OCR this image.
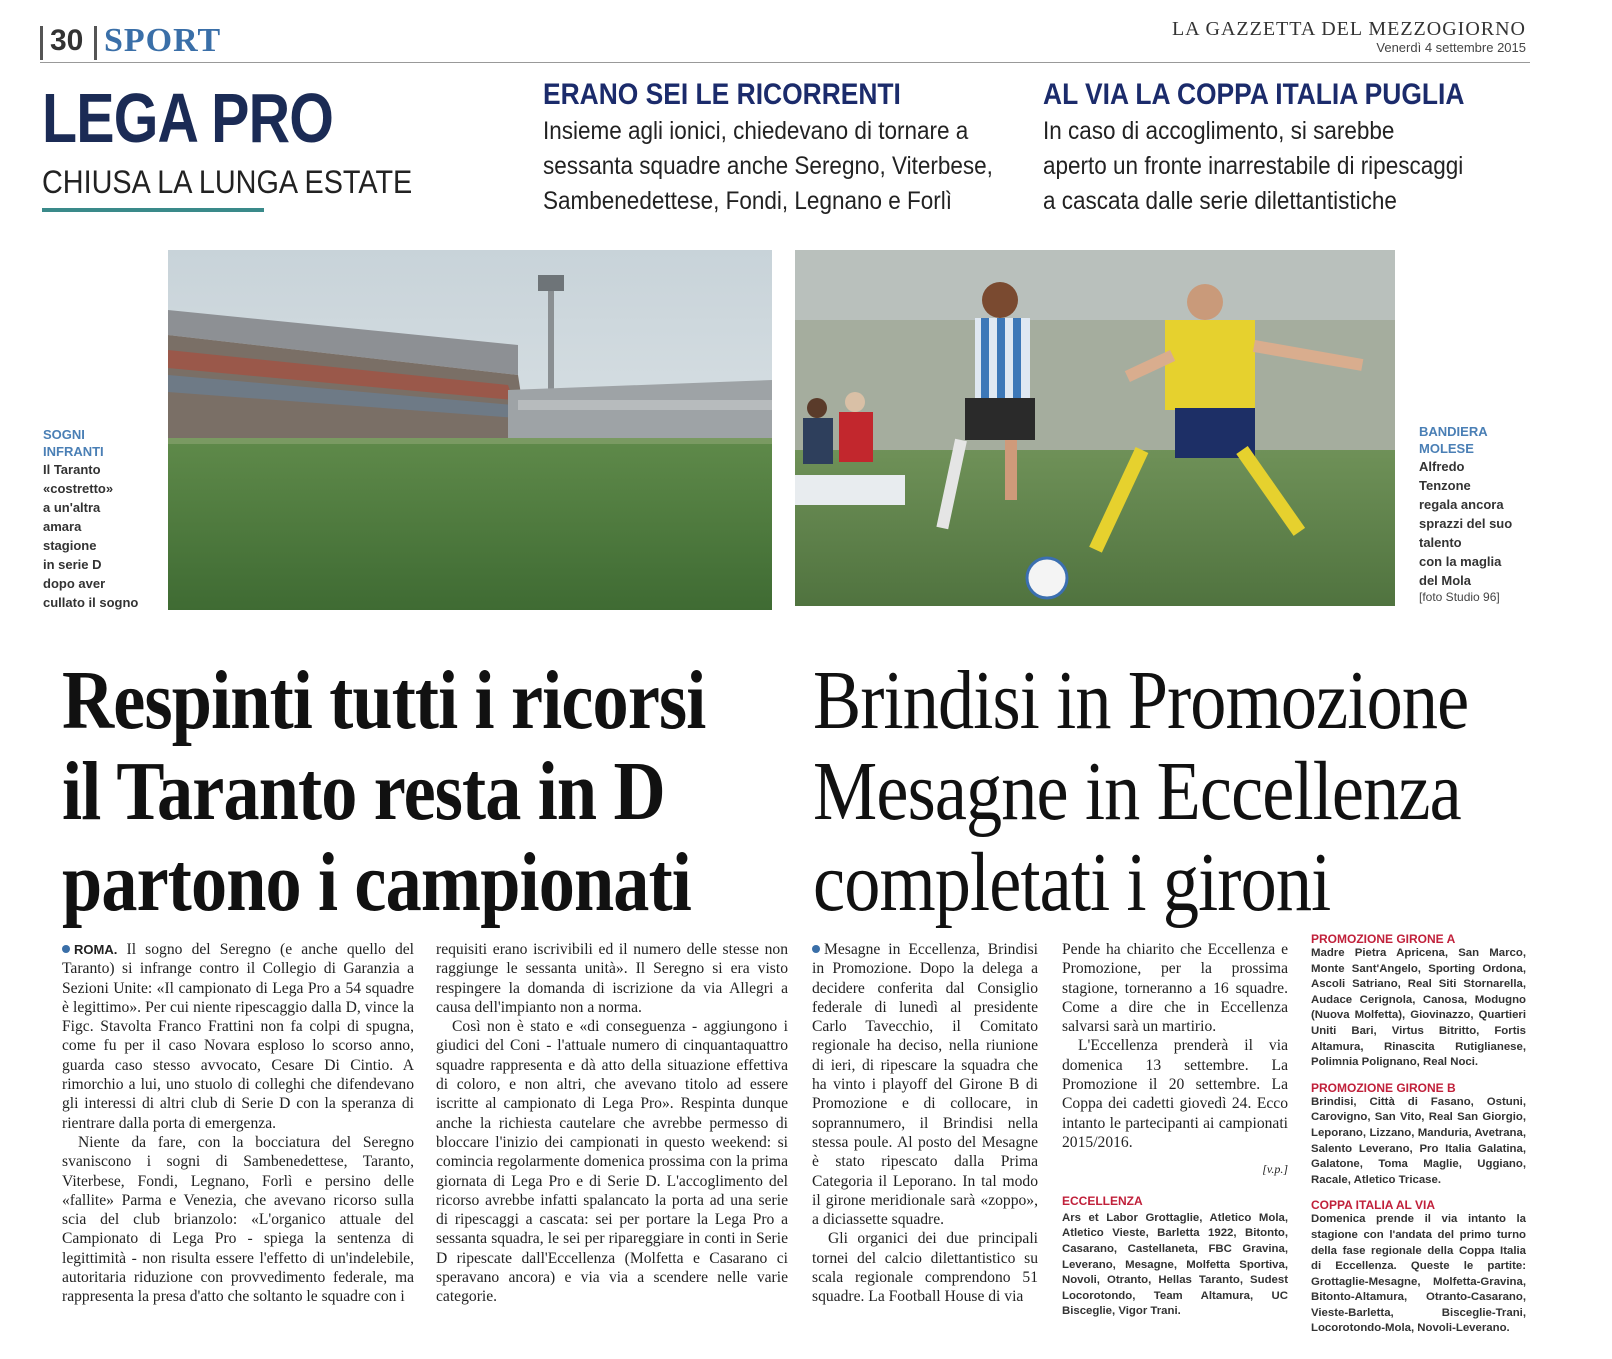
30 SPORT	LA GAZZETTA DEL MEZZOGIORNO
Venerdì 4 settembre 2015
LEGA PRO
CHIUSA LA LUNGA ESTATE
ERANO SEI LE RICORRENTI
Insieme agli ionici, chiedevano di tornare a
sessanta squadre anche Seregno, Viterbese,
Sambenedettese, Fondi, Legnano e Forlì
AL VIA LA COPPA ITALIA PUGLIA
In caso di accoglimento, si sarebbe
aperto un fronte inarrestabile di ripescaggi
a cascata dalle serie dilettantistiche
SOGNI
INFRANTI
Il Taranto
«costretto»
a un'altra
amara
stagione
in serie D
dopo aver
cullato il sogno
BANDIERA
MOLESE
Alfredo
Tenzone
regala ancora
sprazzi del suo
talento
con la maglia
del Mola
[foto Studio 96]
Respinti tutti i ricorsi
il Taranto resta in D
partono i campionati
Brindisi in Promozione
Mesagne in Eccellenza
completati i gironi

ROMA. Il sogno del Seregno (e anche quello del Taranto) si infrange contro il Collegio di Garanzia a Sezioni Unite: «Il campionato di Lega Pro a 54 squadre è legittimo». Per cui niente ripescaggio dalla D, vince la Figc. Stavolta Franco Frattini non fa colpi di spugna, come fu per il caso Novara esploso lo scorso anno, guarda caso stesso avvocato, Cesare Di Cintio. A rimorchio a lui, uno stuolo di colleghi che difendevano gli interessi di altri club di Serie D con la speranza di rientrare dalla porta di emergenza.

Niente da fare, con la bocciatura del Seregno svaniscono i sogni di Sambenedettese, Taranto, Viterbese, Fondi, Legnano, Forlì e persino delle «fallite» Parma e Venezia, che avevano ricorso sulla scia del club brianzolo: «L'organico attuale del Campionato di Lega Pro - spiega la sentenza di legittimità - non risulta essere l'effetto di un'indelebile, autoritaria riduzione con provvedimento federale, ma rappresenta la presa d'atto che soltanto le squadre con i

requisiti erano iscrivibili ed il numero delle stesse non raggiunge le sessanta unità». Il Seregno si era visto respingere la domanda di iscrizione da via Allegri a causa dell'impianto non a norma.

Così non è stato e «di conseguenza - aggiungono i giudici del Coni - l'attuale numero di cinquantaquattro squadre rappresenta e dà atto della situazione effettiva di coloro, e non altri, che avevano titolo ad essere iscritte al campionato di Lega Pro». Respinta dunque anche la richiesta cautelare che avrebbe permesso di bloccare l'inizio dei campionati in questo weekend: si comincia regolarmente domenica prossima con la prima giornata di Lega Pro e di Serie D. L'accoglimento del ricorso avrebbe infatti spalancato la porta ad una serie di ripescaggi a cascata: sei per portare la Lega Pro a sessanta squadra, le sei per ripareggiare in conti in Serie D ripescate dall'Eccellenza (Molfetta e Casarano ci speravano ancora) e via via a scendere nelle varie categorie.

Mesagne in Eccellenza, Brindisi in Promozione. Dopo la delega a decidere conferita dal Consiglio federale di lunedì al presidente Carlo Tavecchio, il Comitato regionale ha deciso, nella riunione di ieri, di ripescare la squadra che ha vinto i playoff del Girone B di Promozione e di collocare, in soprannumero, il Brindisi nella stessa poule. Al posto del Mesagne è stato ripescato dalla Prima Categoria il Leporano. In tal modo il girone meridionale sarà «zoppo», a diciassette squadre.

Gli organici dei due principali tornei del calcio dilettantistico su scala regionale comprendono 51 squadre. La Football House di via

Pende ha chiarito che Eccellenza e Promozione, per la prossima stagione, torneranno a 16 squadre. Come a dire che in Eccellenza salvarsi sarà un martirio.

L'Eccellenza prenderà il via domenica 13 settembre. La Promozione il 20 settembre. La Coppa dei cadetti giovedì 24. Ecco intanto le partecipanti ai campionati 2015/2016.

[v.p.]
ECCELLENZA
Ars et Labor Grottaglie, Atletico Mola, Atletico Vieste, Barletta 1922, Bitonto, Casarano, Castellaneta, FBC Gravina, Leverano, Mesagne, Molfetta Sportiva, Novoli, Otranto, Hellas Taranto, Sudest Locorotondo, Team Altamura, UC Bisceglie, Vigor Trani.
PROMOZIONE GIRONE A
Madre Pietra Apricena, San Marco, Monte Sant'Angelo, Sporting Ordona, Ascoli Satriano, Real Siti Stornarella, Audace Cerignola, Canosa, Modugno (Nuova Molfetta), Giovinazzo, Quartieri Uniti Bari, Virtus Bitritto, Fortis Altamura, Rinascita Rutiglianese, Polimnia Polignano, Real Noci.
PROMOZIONE GIRONE B
Brindisi, Città di Fasano, Ostuni, Carovigno, San Vito, Real San Giorgio, Leporano, Lizzano, Manduria, Avetrana, Salento Leverano, Pro Italia Galatina, Galatone, Toma Maglie, Uggiano, Racale, Atletico Tricase.
COPPA ITALIA AL VIA
Domenica prende il via intanto la stagione con l'andata del primo turno della fase regionale della Coppa Italia di Eccellenza. Queste le partite: Grottaglie-Mesagne, Molfetta-Gravina, Bitonto-Altamura, Otranto-Casarano, Vieste-Barletta, Bisceglie-Trani, Locorotondo-Mola, Novoli-Leverano.
